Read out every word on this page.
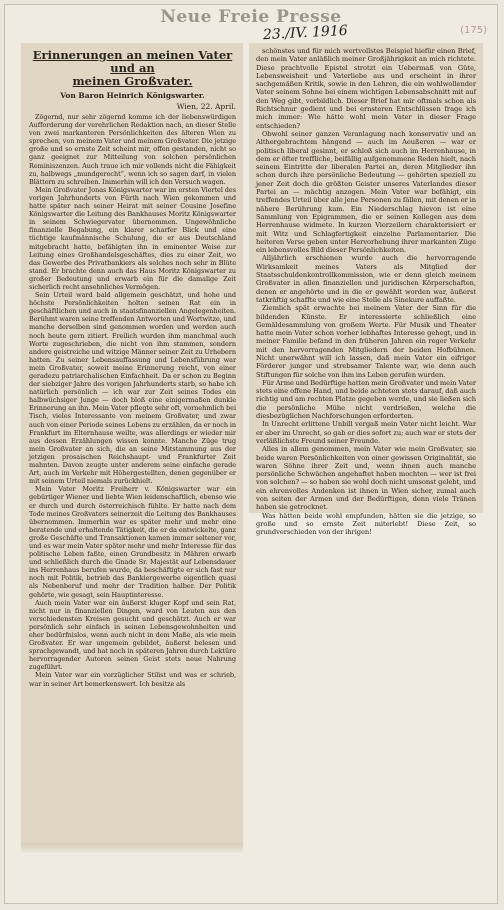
Neue Freie Presse
23./IV. 1916	(175)
Erinnerungen an meinen Vater und an
meinen Großvater.
Von Baron Heinrich Königswarter.
Wien, 22. April.

Zögernd, nur sehr zögernd komme ich der liebenswürdigen Aufforderung der verehrlichen Redaktion nach, an dieser Stelle von zwei markanteren Persönlichkeiten des älteren Wien zu sprechen, von meinem Vater und meinem Großvater. Die jetzige große und so ernste Zeit scheint mir, offen gestanden, nicht so ganz geeignet zur Mitteilung von solchen persönlichen Reminiszenzen. Auch traue ich mir vollends nicht die Fähigkeit zu, halbwegs „mundgerecht“, wenn ich so sagen darf, in vielen Blättern zu schreiben. Immerhin will ich den Versuch wagen.

Mein Großvater Jonas Königswarter war im ersten Viertel des vorigen Jahrhunderts von Fürth nach Wien gekommen und hatte später nach seiner Heirat mit seiner Cousine Josefine Königswarter die Leitung des Bankhauses Moritz Königswarter in seinem Schwiegervater übernommen. Ungewöhnliche finanzielle Begabung, ein klarer scharfer Blick und eine tüchtige kaufmännische Schulung, die er aus Deutschland mitgebracht hatte, befähigten ihn in eminenter Weise zur Leitung eines Großhandelsgeschäftes, dies zu einer Zeit, wo das Gewerbe des Privatbankiers als solches noch sehr in Blüte stand. Er brachte denn auch das Haus Moritz Königswarter zu großer Bedeutung und erwarb ein für die damalige Zeit sicherlich recht ansehnliches Vermögen.

Sein Urteil ward bald allgemein geschätzt, und hohe und höchste Persönlichkeiten holten seinen Rat ein in geschäftlichen und auch in staatsfinanziellen Angelegenheiten. Berühmt waren seine treffenden Antworten und Wortwitze, und manche derselben sind genommen worden und werden auch noch heute gern zitiert. Freilich wurden ihm manchmal auch Worte zugeschrieben, die nicht von ihm stammen, sondern andere geistreiche und witzige Männer seiner Zeit zu Urhebern hatten. Zu seiner Lebensauffassung und Lebensführung war mein Großvater, soweit meine Erinnerung reicht, von einer geradezu patriarchalischen Einfachheit. Da er schon zu Beginn der siebziger Jahre des vorigen Jahrhunderts starb, so habe ich natürlich persönlich — ich war zur Zeit seines Todes ein halbwüchsiger Junge — doch bloß eine einigermaßen dunkle Erinnerung an ihn. Mein Vater pflegte sehr oft, vornehmlich bei Tisch, vieles Interessante von meinem Großvater, und zwar auch von einer Periode seines Lebens zu erzählen, da er noch in Frankfurt im Elternhause weilte, was allerdings er wieder mir aus dessen Erzählungen wissen konnte. Manche Züge trug mein Großvater an sich, die an seine Mitstammung aus der jetzigen prosaischen Reichshaupt- und Frankfurter Zeit mahnten. Davon zeugte unter anderem seine einfache gerade Art, auch im Verkehr mit Höhergestellten, denen gegenüber er mit seinem Urteil niemals zurückhielt.

Mein Vater Moritz Freiherr v. Königswarter war ein gebürtiger Wiener und liebte Wien leidenschaftlich, ebenso wie er durch und durch österreichisch fühlte. Er hatte nach dem Tode meines Großvaters seinerzeit die Leitung des Bankhauses übernommen. Immerhin war es später mehr und mehr eine beratende und erhaltende Tätigkeit, die er da entwickelte, ganz große Geschäfte und Transaktionen kamen immer seltener vor, und es war mein Vater später mehr und mehr Interesse für das politische Leben faßte, einen Grundbesitz in Mähren erwarb und schließlich durch die Gnade Sr. Majestät auf Lebensdauer ins Herrenhaus berufen wurde, da beschäftigte er sich fast nur noch mit Politik, betrieb das Bankiergewerbe eigentlich quasi als Nebenberuf und mehr der Tradition halber. Der Politik gehörte, wie gesagt, sein Hauptinteresse.

Auch mein Vater war ein äußerst kluger Kopf und sein Rat, nicht nur in finanziellen Dingen, ward von Leuten aus den verschiedensten Kreisen gesucht und geschätzt. Auch er war persönlich sehr einfach in seinen Lebensgewohnheiten und eher bedürfnislos, wenn auch nicht in dem Maße, als wie mein Großvater. Er war ungemein gebildet, äußerst belesen und sprachgewandt, und hat noch in späteren Jahren durch Lektüre hervorragender Autoren seinen Geist stets neue Nahrung zugeführt.

Mein Vater war ein vorzüglicher Stilist und was er schrieb, war in seiner Art bemerkenswert. Ich besitze als

schönstes und für mich wertvollstes Beispiel hiefür einen Brief, den mein Vater anläßlich meiner Großjährigkeit an mich richtete. Diese prachtvolle Epistel strotzt ein Uebermaß von Güte, Lebensweisheit und Vaterliebe aus und erscheint in ihrer sachgemäßen Kritik, sowie in den Lehren, die ein wohlwollender Vater seinem Sohne bei einem wichtigen Lebensabschnitt mit auf den Weg gibt, vorbildlich. Dieser Brief hat mir oftmals schon als Richtschnur gedient und bei ernsteren Entschlüssen frage ich mich immer: Wie hätte wohl mein Vater in dieser Frage entschieden?

Obwohl seiner ganzen Veranlagung nach konservativ und an Althergebrachtem hängend — auch im Aeußeren — war er politisch liberal gesinnt, er schloß sich auch im Herrenhause, in dem er öfter treffliche, beifällig aufgenommene Reden hielt, nach seinem Eintritte der liberalen Partei an, deren Mitglieder ihn schon durch ihre persönliche Bedeutung — gehörten speziell zu jener Zeit doch die größten Geister unseres Vaterlandes dieser Partei an — mächtig anzogen. Mein Vater war befähigt, ein treffendes Urteil über alle jene Personen zu fällen, mit denen er in nähere Berührung kam. Ein Niederschlag hievon ist eine Sammlung von Epigrammen, die er seinen Kollegen aus dem Herrenhause widmete. In kurzen Vierzeilern charakterisiert er mit Witz und Schlagfertigkeit einzelne Parlamentarier. Die heiteren Verse geben unter Hervorhebung ihrer markanten Züge ein lebensvolles Bild dieser Persönlichkeiten.

Alljährlich erschienen wurde auch die hervorragende Wirksamkeit meines Vaters als Mitglied der Staatsschuldenkontrollkommission, wie er denn gleich meinem Großvater in allen finanziellen und juridischen Körperschaften, denen er angehörte und in die er gewählt worden war, äußerst tatkräftig schaffte und wie eine Stelle als Sinekure auffaßte.

Ziemlich spät erwachte bei meinem Vater der Sinn für die bildenden Künste. Er interessierte schließlich eine Gemäldesammlung von großem Werte. Für Musik und Theater hatte mein Vater schon vorher lebhaftes Interesse gehegt, und in meiner Familie befand in den früheren Jahren ein reger Verkehr mit den hervorragenden Mitgliedern der beiden Hofbühnen. Nicht unerwähnt will ich lassen, daß mein Vater ein eifriger Förderer junger und strebsamer Talente war, wie denn auch Stiftungen für solche von ihm ins Leben gerufen wurden.

Für Arme und Bedürftige hatten mein Großvater und mein Vater stets eine offene Hand, und beide achteten stets darauf, daß auch richtig und am rechten Platze gegeben werde, und sie ließen sich die persönliche Mühe nicht verdrießen, welche die diesbezüglichen Nachforschungen erforderten.

In Unrecht erlittene Unbill vergaß mein Vater nicht leicht. War er aber im Unrecht, so gab er dies sofort zu; auch war er stets der verläßlichste Freund seiner Freunde.

Alles in allem genommen, mein Vater wie mein Großvater, sie beide waren Persönlichkeiten von einer gewissen Originalität, sie waren Söhne ihrer Zeit und, wenn ihnen auch manche persönliche Schwächen angehaftet haben mochten — wer ist frei von solchen? — so haben sie wohl doch nicht umsonst gelebt, und ein ehrenvolles Andenken ist ihnen in Wien sicher, zumal auch von seiten der Armen und der Bedürftigen, denn viele Tränen haben sie getrocknet.

Was hätten beide wohl empfunden, hätten sie die jetzige, so große und so ernste Zeit miterlebt! Diese Zeit, so grundverschieden von der ihrigen!
